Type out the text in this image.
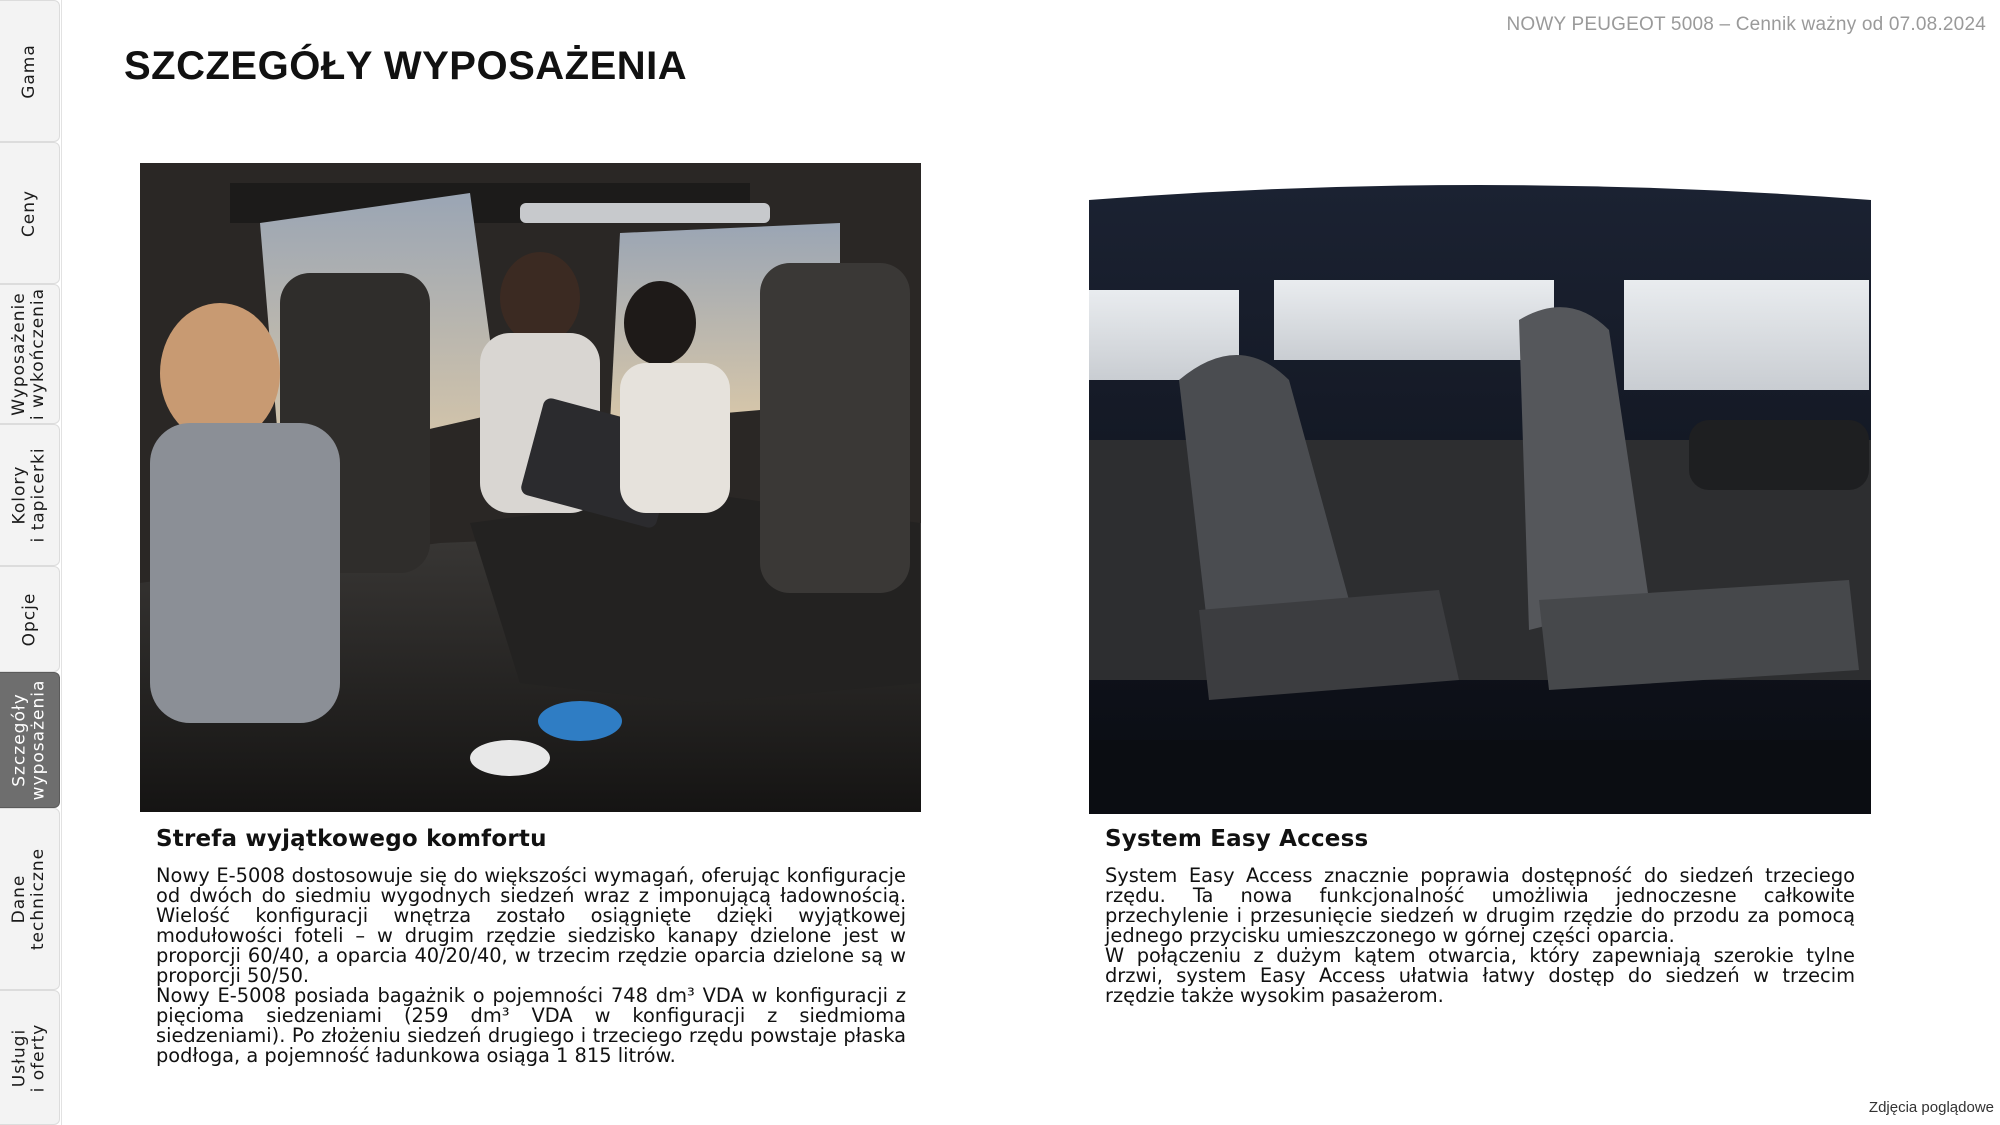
Gama
Ceny
Wyposażenie
i wykończenia
Kolory
i tapicerki
Opcje
Szczegóły
wyposażenia
Dane
techniczne
Usługi
i oferty
NOWY PEUGEOT 5008 – Cennik ważny od 07.08.2024
SZCZEGÓŁY WYPOSAŻENIA
Strefa wyjątkowego komfortu

Nowy E-5008 dostosowuje się do większości wymagań, oferując konfiguracje od dwóch do siedmiu wygodnych siedzeń wraz z imponującą ładownością. Wielość konfiguracji wnętrza zostało osiągnięte dzięki wyjątkowej modułowości foteli – w drugim rzędzie siedzisko kanapy dzielone jest w proporcji 60/40, a oparcia 40/20/40, w trzecim rzędzie oparcia dzielone są w proporcji 50/50.
Nowy E-5008 posiada bagażnik o pojemności 748 dm³ VDA w konfiguracji z pięcioma siedzeniami (259 dm³ VDA w konfiguracji z siedmioma siedzeniami). Po złożeniu siedzeń drugiego i trzeciego rzędu powstaje płaska podłoga, a pojemność ładunkowa osiąga 1 815 litrów.

System Easy Access

System Easy Access znacznie poprawia dostępność do siedzeń trzeciego rzędu. Ta nowa funkcjonalność umożliwia jednoczesne całkowite przechylenie i przesunięcie siedzeń w drugim rzędzie do przodu za pomocą jednego przycisku umieszczonego w górnej części oparcia.
W połączeniu z dużym kątem otwarcia, który zapewniają szerokie tylne drzwi, system Easy Access ułatwia łatwy dostęp do siedzeń w trzecim rzędzie także wysokim pasażerom.

Zdjęcia poglądowe
